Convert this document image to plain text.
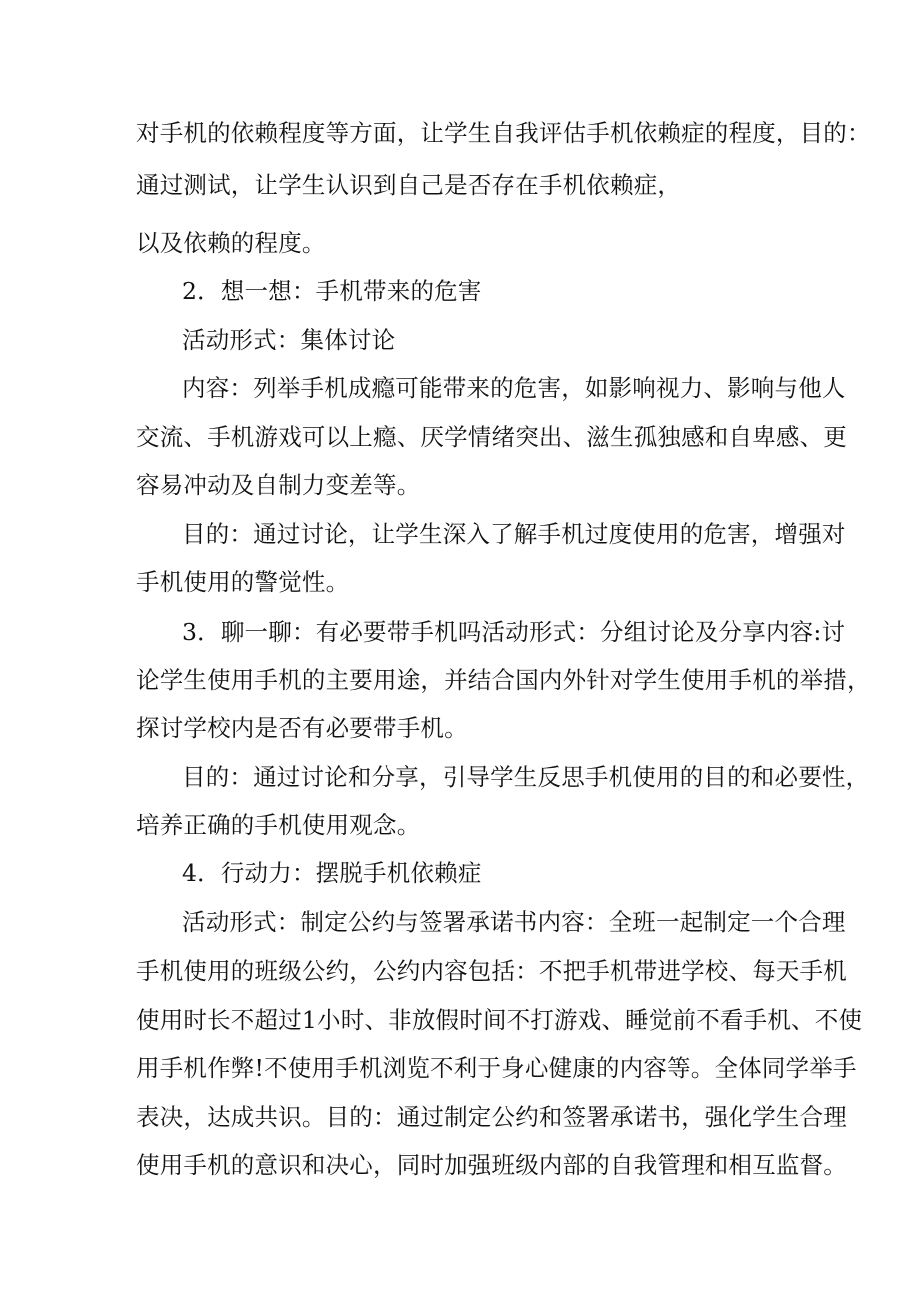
对手机的依赖程度等方面，让学生自我评估手机依赖症的程度，目的：
通过测试，让学生认识到自己是否存在手机依赖症，
以及依赖的程度。
2．想一想：手机带来的危害
活动形式：集体讨论
内容：列举手机成瘾可能带来的危害，如影响视力、影响与他人
交流、手机游戏可以上瘾、厌学情绪突出、滋生孤独感和自卑感、更
容易冲动及自制力变差等。
目的：通过讨论，让学生深入了解手机过度使用的危害，增强对
手机使用的警觉性。
3．聊一聊：有必要带手机吗活动形式：分组讨论及分享内容:讨
论学生使用手机的主要用途，并结合国内外针对学生使用手机的举措，
探讨学校内是否有必要带手机。
目的：通过讨论和分享，引导学生反思手机使用的目的和必要性，
培养正确的手机使用观念。
4．行动力：摆脱手机依赖症
活动形式：制定公约与签署承诺书内容：全班一起制定一个合理
手机使用的班级公约，公约内容包括：不把手机带进学校、每天手机
使用时长不超过1小时、非放假时间不打游戏、睡觉前不看手机、不使
用手机作弊!不使用手机浏览不利于身心健康的内容等。全体同学举手
表决，达成共识。目的：通过制定公约和签署承诺书，强化学生合理
使用手机的意识和决心，同时加强班级内部的自我管理和相互监督。
